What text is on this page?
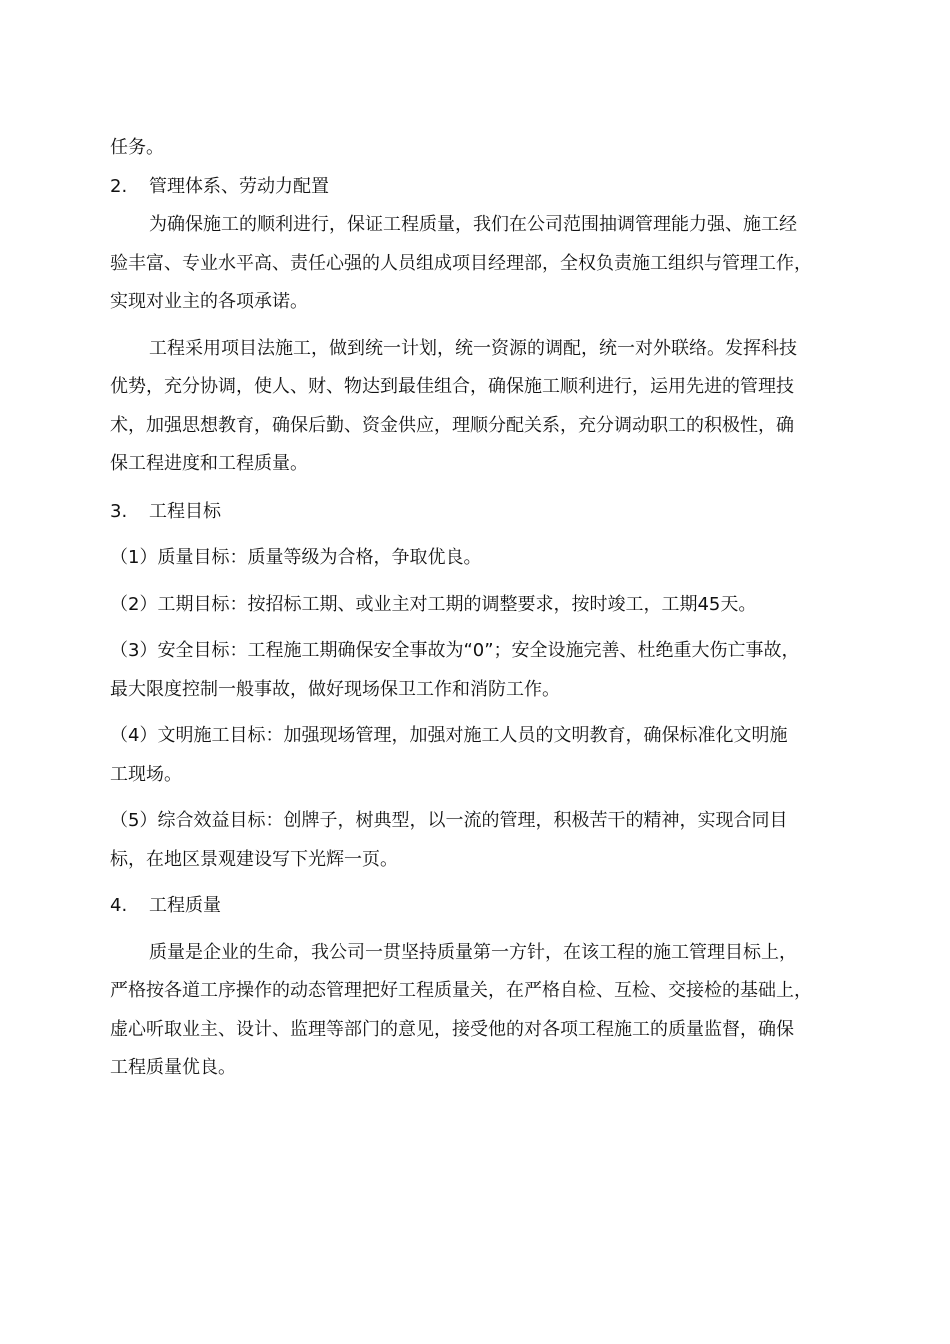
任务。
2. 管理体系、劳动力配置
为确保施工的顺利进行，保证工程质量，我们在公司范围抽调管理能力强、施工经
验丰富、专业水平高、责任心强的人员组成项目经理部，全权负责施工组织与管理工作，
实现对业主的各项承诺。
工程采用项目法施工，做到统一计划，统一资源的调配，统一对外联络。发挥科技
优势，充分协调，使人、财、物达到最佳组合，确保施工顺利进行，运用先进的管理技
术，加强思想教育，确保后勤、资金供应，理顺分配关系，充分调动职工的积极性，确
保工程进度和工程质量。
3. 工程目标
（1）质量目标：质量等级为合格，争取优良。
（2）工期目标：按招标工期、或业主对工期的调整要求，按时竣工，工期45天。
（3）安全目标：工程施工期确保安全事故为“0”；安全设施完善、杜绝重大伤亡事故，
最大限度控制一般事故，做好现场保卫工作和消防工作。
（4）文明施工目标：加强现场管理，加强对施工人员的文明教育，确保标准化文明施
工现场。
（5）综合效益目标：创牌子，树典型，以一流的管理，积极苦干的精神，实现合同目
标，在地区景观建设写下光辉一页。
4. 工程质量
质量是企业的生命，我公司一贯坚持质量第一方针，在该工程的施工管理目标上，
严格按各道工序操作的动态管理把好工程质量关，在严格自检、互检、交接检的基础上，
虚心听取业主、设计、监理等部门的意见，接受他的对各项工程施工的质量监督，确保
工程质量优良。
